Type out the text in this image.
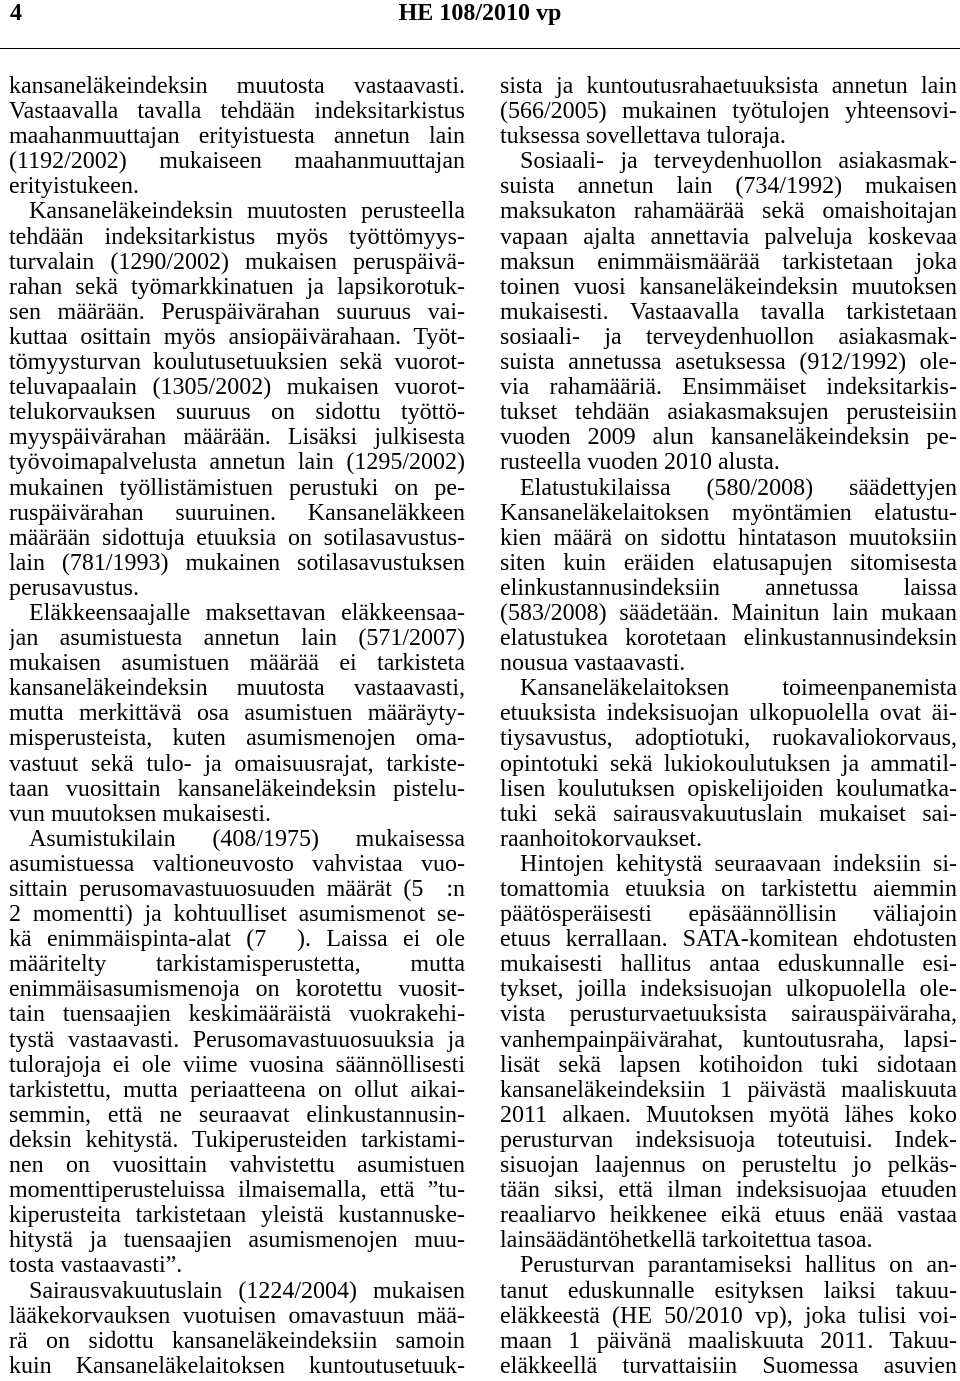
4	HE 108/2010 vp
kansaneläkeindeksin muutosta vastaavasti.
Vastaavalla tavalla tehdään indeksitarkistus
maahanmuuttajan erityistuesta annetun lain
(1192/2002) mukaiseen maahanmuuttajan
erityistukeen.
Kansaneläkeindeksin muutosten perusteella
tehdään indeksitarkistus myös työttömyys-
turvalain (1290/2002) mukaisen peruspäivä-
rahan sekä työmarkkinatuen ja lapsikorotuk-
sen määrään. Peruspäivärahan suuruus vai-
kuttaa osittain myös ansiopäivärahaan. Työt-
tömyysturvan koulutusetuuksien sekä vuorot-
teluvapaalain (1305/2002) mukaisen vuorot-
telukorvauksen suuruus on sidottu työttö-
myyspäivärahan määrään. Lisäksi julkisesta
työvoimapalvelusta annetun lain (1295/2002)
mukainen työllistämistuen perustuki on pe-
ruspäivärahan suuruinen. Kansaneläkkeen
määrään sidottuja etuuksia on sotilasavustus-
lain (781/1993) mukainen sotilasavustuksen
perusavustus.
Eläkkeensaajalle maksettavan eläkkeensaa-
jan asumistuesta annetun lain (571/2007)
mukaisen asumistuen määrää ei tarkisteta
kansaneläkeindeksin muutosta vastaavasti,
mutta merkittävä osa asumistuen määräyty-
misperusteista, kuten asumismenojen oma-
vastuut sekä tulo- ja omaisuusrajat, tarkiste-
taan vuosittain kansaneläkeindeksin pistelu-
vun muutoksen mukaisesti.
Asumistukilain (408/1975) mukaisessa
asumistuessa valtioneuvosto vahvistaa vuo-
sittain perusomavastuuosuuden määrät (5  :n
2 momentti) ja kohtuulliset asumismenot se-
kä enimmäispinta-alat (7  ). Laissa ei ole
määritelty tarkistamisperustetta, mutta
enimmäisasumismenoja on korotettu vuosit-
tain tuensaajien keskimääräistä vuokrakehi-
tystä vastaavasti. Perusomavastuuosuuksia ja
tulorajoja ei ole viime vuosina säännöllisesti
tarkistettu, mutta periaatteena on ollut aikai-
semmin, että ne seuraavat elinkustannusin-
deksin kehitystä. Tukiperusteiden tarkistami-
nen on vuosittain vahvistettu asumistuen
momenttiperusteluissa ilmaisemalla, että ”tu-
kiperusteita tarkistetaan yleistä kustannuske-
hitystä ja tuensaajien asumismenojen muu-
tosta vastaavasti”.
Sairausvakuutuslain (1224/2004) mukaisen
lääkekorvauksen vuotuisen omavastuun mää-
rä on sidottu kansaneläkeindeksiin samoin
kuin Kansaneläkelaitoksen kuntoutusetuuk-
sista ja kuntoutusrahaetuuksista annetun lain
(566/2005) mukainen työtulojen yhteensovi-
tuksessa sovellettava tuloraja.
Sosiaali- ja terveydenhuollon asiakasmak-
suista annetun lain (734/1992) mukaisen
maksukaton rahamäärää sekä omaishoitajan
vapaan ajalta annettavia palveluja koskevaa
maksun enimmäismäärää tarkistetaan joka
toinen vuosi kansaneläkeindeksin muutoksen
mukaisesti. Vastaavalla tavalla tarkistetaan
sosiaali- ja terveydenhuollon asiakasmak-
suista annetussa asetuksessa (912/1992) ole-
via rahamääriä. Ensimmäiset indeksitarkis-
tukset tehdään asiakasmaksujen perusteisiin
vuoden 2009 alun kansaneläkeindeksin pe-
rusteella vuoden 2010 alusta.
Elatustukilaissa (580/2008) säädettyjen
Kansaneläkelaitoksen myöntämien elatustu-
kien määrä on sidottu hintatason muutoksiin
siten kuin eräiden elatusapujen sitomisesta
elinkustannusindeksiin annetussa laissa
(583/2008) säädetään. Mainitun lain mukaan
elatustukea korotetaan elinkustannusindeksin
nousua vastaavasti.
Kansaneläkelaitoksen toimeenpanemista
etuuksista indeksisuojan ulkopuolella ovat äi-
tiysavustus, adoptiotuki, ruokavaliokorvaus,
opintotuki sekä lukiokoulutuksen ja ammatil-
lisen koulutuksen opiskelijoiden koulumatka-
tuki sekä sairausvakuutuslain mukaiset sai-
raanhoitokorvaukset.
Hintojen kehitystä seuraavaan indeksiin si-
tomattomia etuuksia on tarkistettu aiemmin
päätösperäisesti epäsäännöllisin väliajoin
etuus kerrallaan. SATA-komitean ehdotusten
mukaisesti hallitus antaa eduskunnalle esi-
tykset, joilla indeksisuojan ulkopuolella ole-
vista perusturvaetuuksista sairauspäiväraha,
vanhempainpäivärahat, kuntoutusraha, lapsi-
lisät sekä lapsen kotihoidon tuki sidotaan
kansaneläkeindeksiin 1 päivästä maaliskuuta
2011 alkaen. Muutoksen myötä lähes koko
perusturvan indeksisuoja toteutuisi. Indek-
sisuojan laajennus on perusteltu jo pelkäs-
tään siksi, että ilman indeksisuojaa etuuden
reaaliarvo heikkenee eikä etuus enää vastaa
lainsäädäntöhetkellä tarkoitettua tasoa.
Perusturvan parantamiseksi hallitus on an-
tanut eduskunnalle esityksen laiksi takuu-
eläkkeestä (HE 50/2010 vp), joka tulisi voi-
maan 1 päivänä maaliskuuta 2011. Takuu-
eläkkeellä turvattaisiin Suomessa asuvien
